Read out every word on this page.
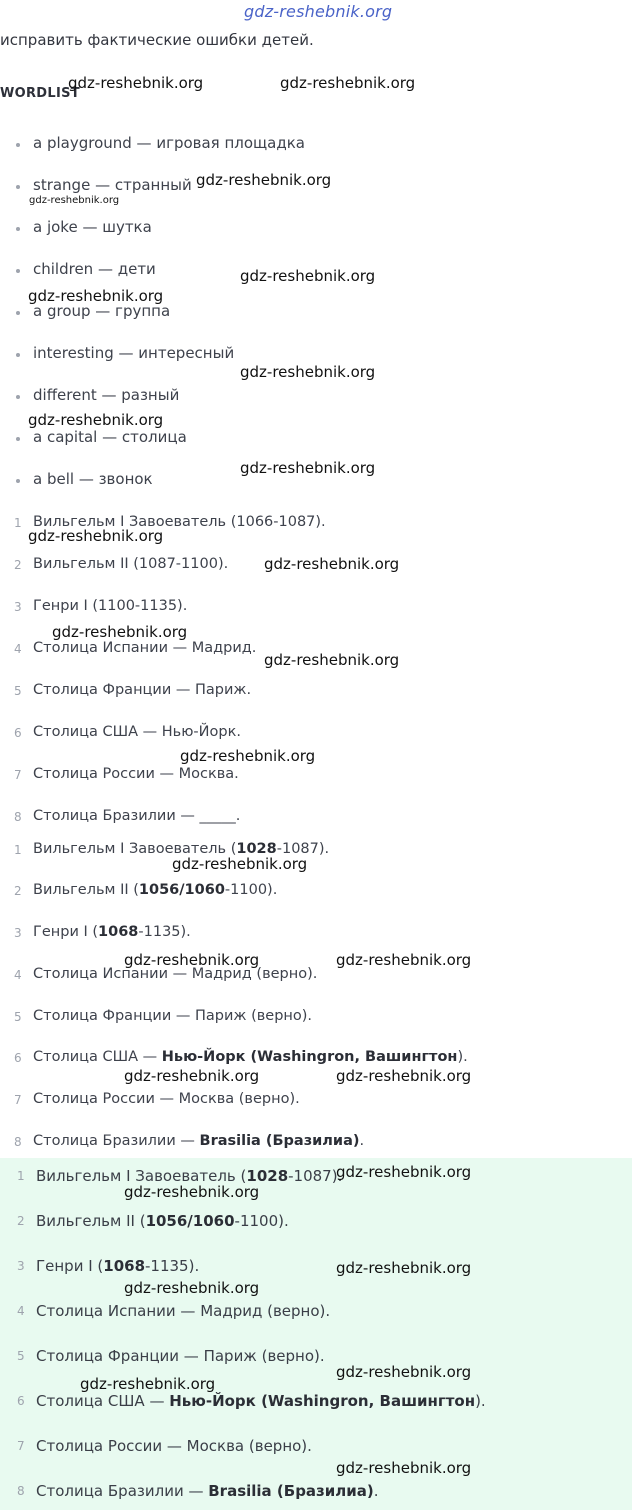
gdz-reshebnik.org
исправить фактические ошибки детей.
WORDLIST
a playground — игровая площадка
strange — странный
a joke — шутка
children — дети
a group — группа
interesting — интересный
different — разный
a capital — столица
a bell — звонок
1 Вильгельм I Завоеватель (1066-1087).
2 Вильгельм II (1087-1100).
3 Генри I (1100-1135).
4 Столица Испании — Мадрид.
5 Столица Франции — Париж.
6 Столица США — Нью-Йорк.
7 Столица России — Москва.
8 Столица Бразилии — _____.
1 Вильгельм I Завоеватель (1028-1087).
2 Вильгельм II (1056/1060-1100).
3 Генри I (1068-1135).
4 Столица Испании — Мадрид (верно).
5 Столица Франции — Париж (верно).
6 Столица США — Нью-Йорк (Washingron, Вашингтон).
7 Столица России — Москва (верно).
8 Столица Бразилии — Brasilia (Бразилиа).
1 Вильгельм I Завоеватель (1028-1087).
2 Вильгельм II (1056/1060-1100).
3 Генри I (1068-1135).
4 Столица Испании — Мадрид (верно).
5 Столица Франции — Париж (верно).
6 Столица США — Нью-Йорк (Washingron, Вашингтон).
7 Столица России — Москва (верно).
8 Столица Бразилии — Brasilia (Бразилиа).
gdz-reshebnik.org	gdz-reshebnik.org
gdz-reshebnik.org
gdz-reshebnik.org
gdz-reshebnik.org
gdz-reshebnik.org
gdz-reshebnik.org
gdz-reshebnik.org
gdz-reshebnik.org
gdz-reshebnik.org
gdz-reshebnik.org
gdz-reshebnik.org
gdz-reshebnik.org
gdz-reshebnik.org
gdz-reshebnik.org
gdz-reshebnik.org	gdz-reshebnik.org
gdz-reshebnik.org	gdz-reshebnik.org
gdz-reshebnik.org
gdz-reshebnik.org
gdz-reshebnik.org
gdz-reshebnik.org
gdz-reshebnik.org
gdz-reshebnik.org
gdz-reshebnik.org
